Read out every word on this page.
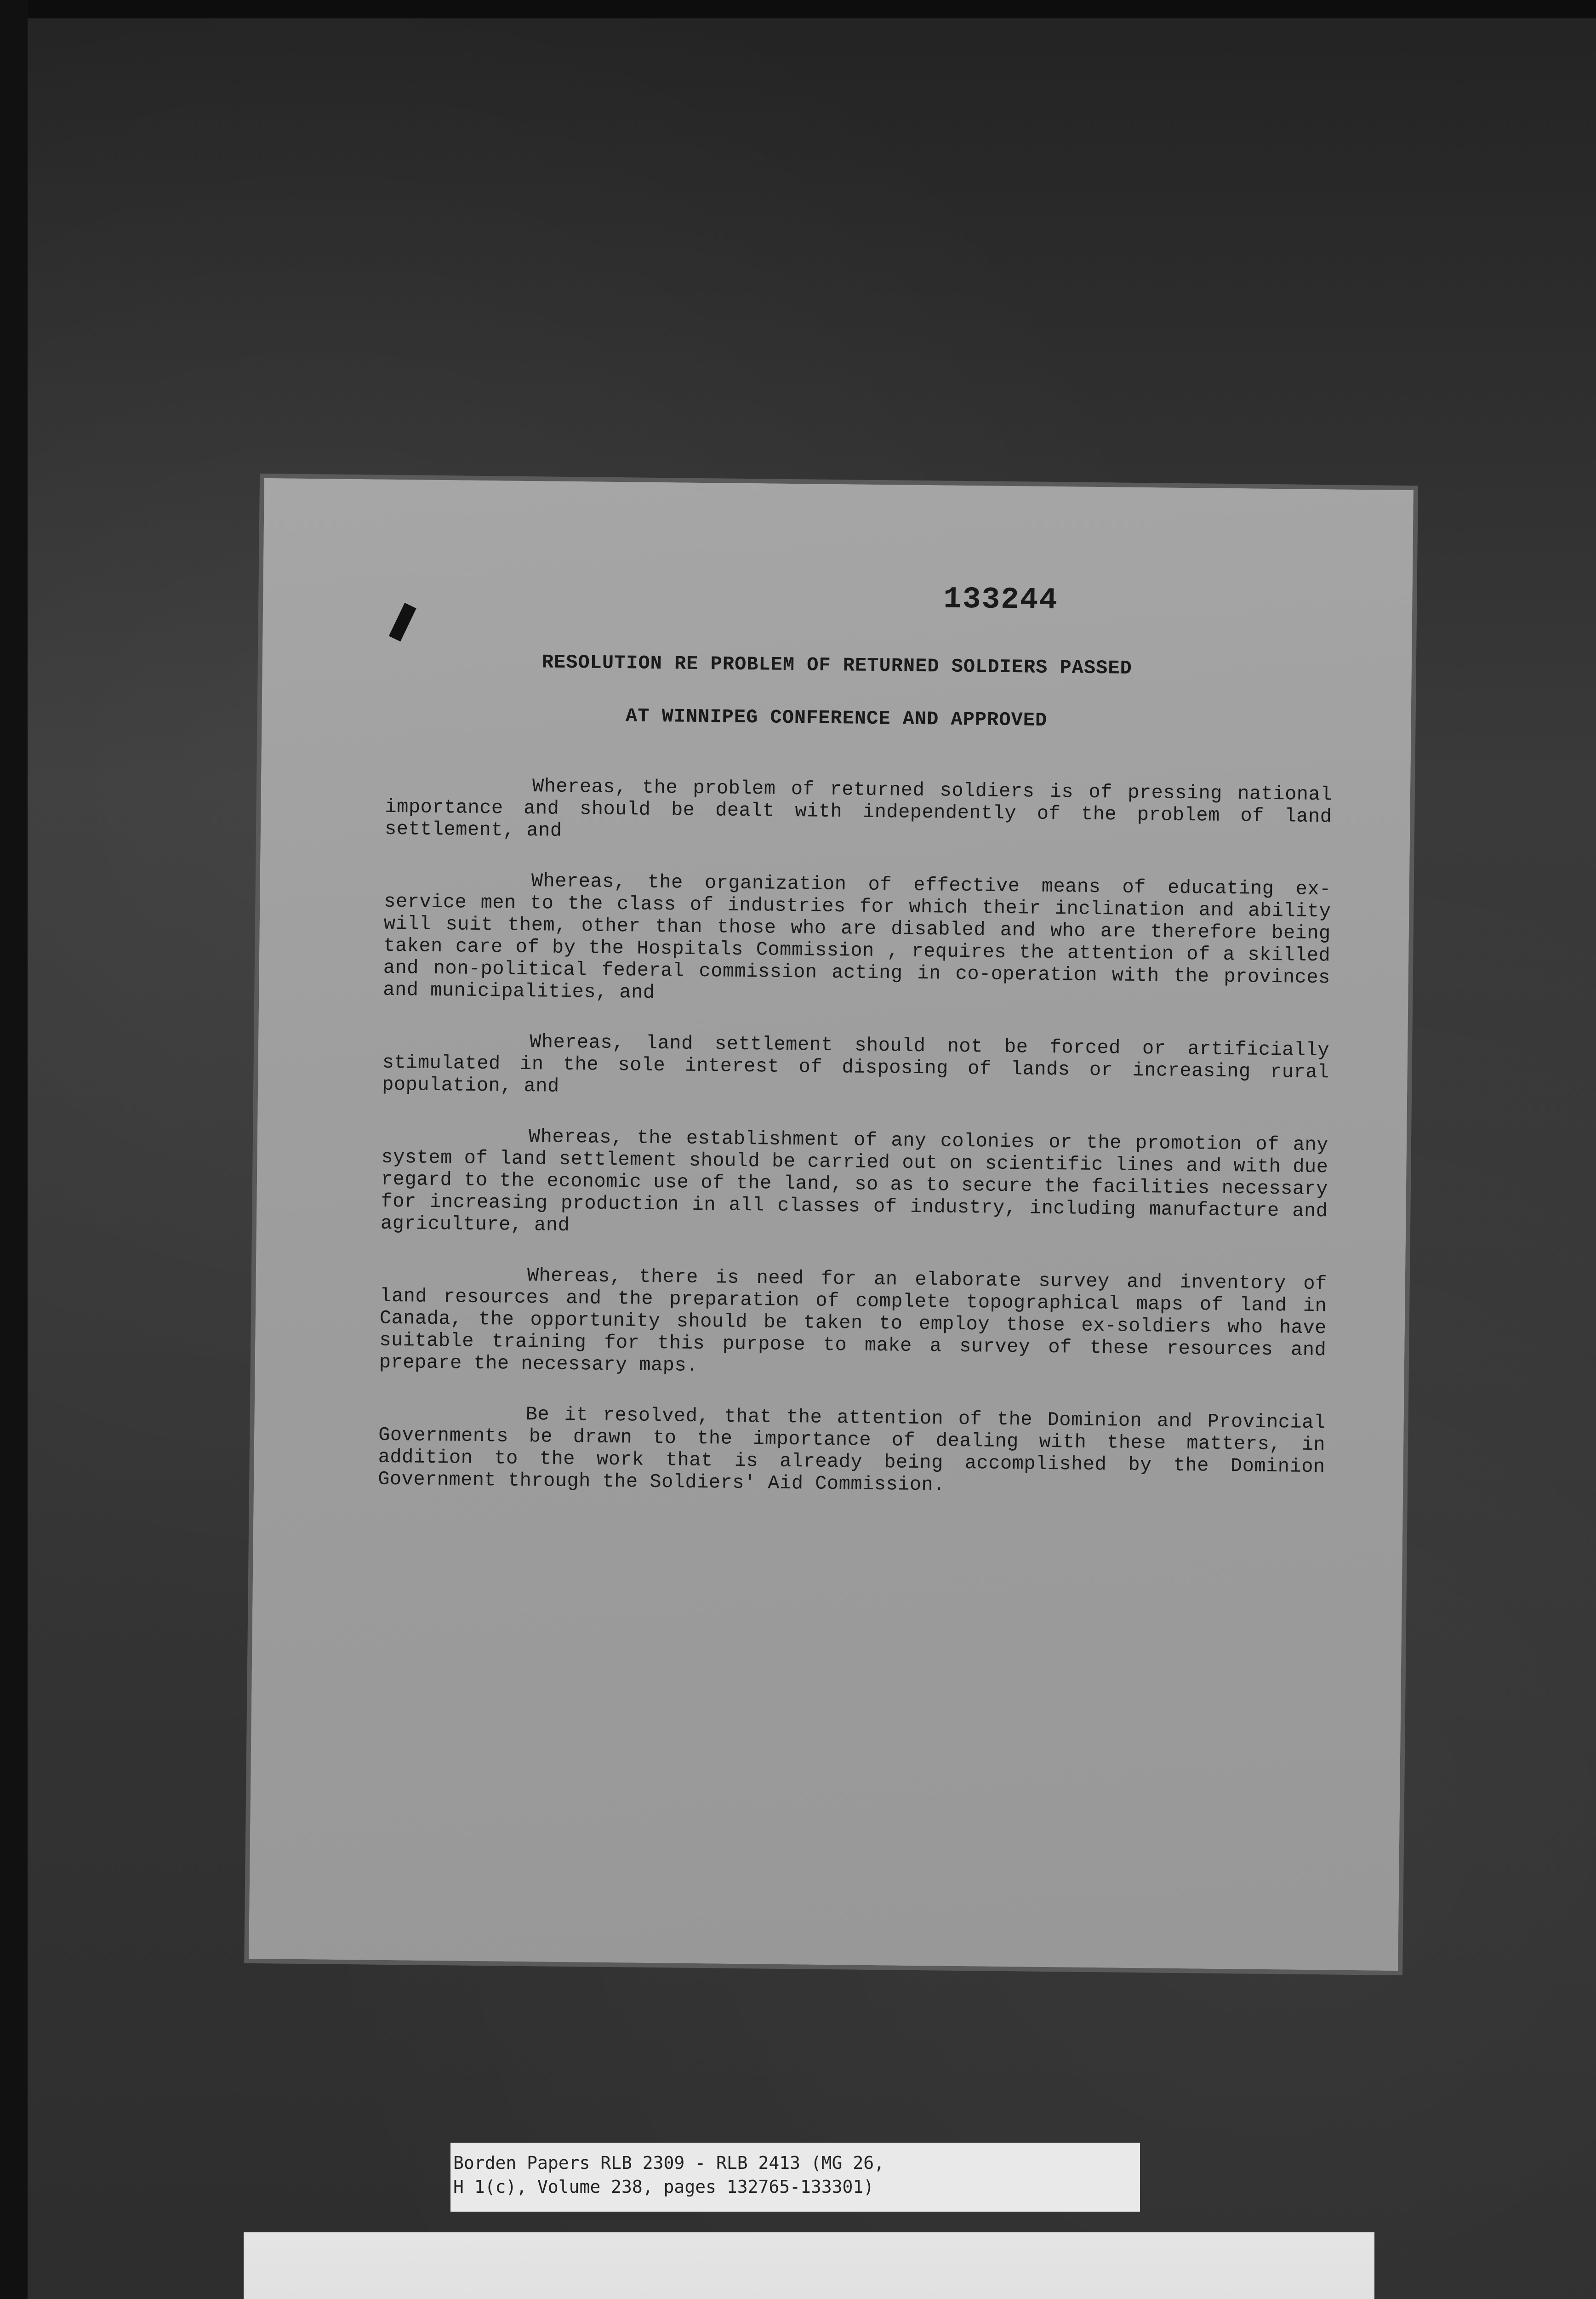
133244
RESOLUTION RE PROBLEM OF RETURNED SOLDIERS PASSED
AT WINNIPEG CONFERENCE AND APPROVED

Whereas, the problem of returned soldiers is of pressing national importance and should be dealt with independently of the problem of land settlement, and

Whereas, the organization of effective means of educating ex-service men to the class of industries for which their inclination and ability will suit them, other than those who are disabled and who are therefore being taken care of by the Hospitals Commission , requires the attention of a skilled and non-political federal commission acting in co-operation with the provinces and municipalities, and

Whereas, land settlement should not be forced or artificially stimulated in the sole interest of disposing of lands or increasing rural population, and

Whereas, the establishment of any colonies or the promotion of any system of land settlement should be carried out on scientific lines and with due regard to the economic use of the land, so as to secure the facilities necessary for increasing production in all classes of industry, including manufacture and agriculture, and

Whereas, there is need for an elaborate survey and inventory of land resources and the preparation of complete topographical maps of land in Canada, the opportunity should be taken to employ those ex-soldiers who have suitable training for this purpose to make a survey of these resources and prepare the necessary maps.

Be it resolved, that the attention of the Dominion and Provincial Governments be drawn to the importance of dealing with these matters, in addition to the work that is already being accomplished by the Dominion Government through the Soldiers' Aid Commission.

Borden Papers RLB 2309 - RLB 2413 (MG 26,
H 1(c), Volume 238, pages 132765-133301)
